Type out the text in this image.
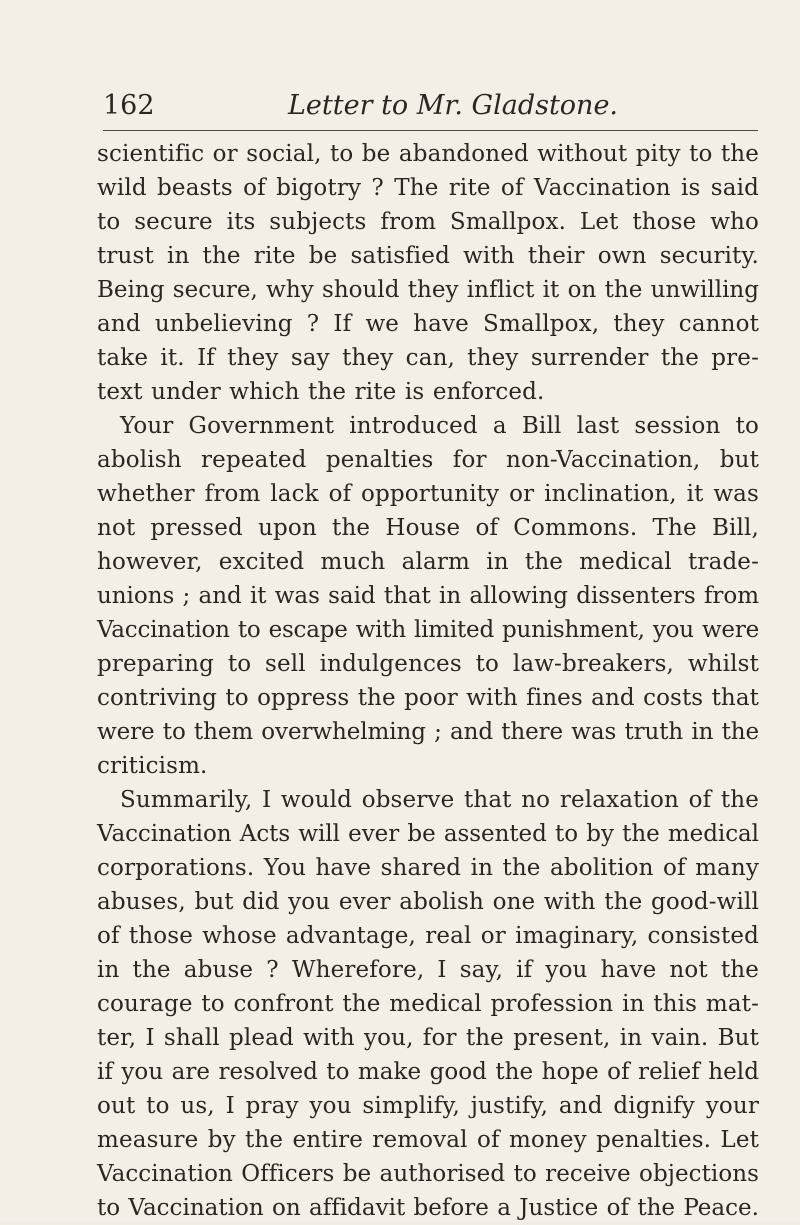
162	Letter to Mr. Gladstone.
scientific or social, to be abandoned without pity to the
wild beasts of bigotry ? The rite of Vaccination is said
to secure its subjects from Smallpox. Let those who
trust in the rite be satisfied with their own security.
Being secure, why should they inflict it on the unwilling
and unbelieving ? If we have Smallpox, they cannot
take it. If they say they can, they surrender the pre-
text under which the rite is enforced.
Your Government introduced a Bill last session to
abolish repeated penalties for non-Vaccination, but
whether from lack of opportunity or inclination, it was
not pressed upon the House of Commons. The Bill,
however, excited much alarm in the medical trade-
unions ; and it was said that in allowing dissenters from
Vaccination to escape with limited punishment, you were
preparing to sell indulgences to law-breakers, whilst
contriving to oppress the poor with fines and costs that
were to them overwhelming ; and there was truth in the
criticism.
Summarily, I would observe that no relaxation of the
Vaccination Acts will ever be assented to by the medical
corporations. You have shared in the abolition of many
abuses, but did you ever abolish one with the good-will
of those whose advantage, real or imaginary, consisted
in the abuse ? Wherefore, I say, if you have not the
courage to confront the medical profession in this mat-
ter, I shall plead with you, for the present, in vain. But
if you are resolved to make good the hope of relief held
out to us, I pray you simplify, justify, and dignify your
measure by the entire removal of money penalties. Let
Vaccination Officers be authorised to receive objections
to Vaccination on affidavit before a Justice of the Peace.
